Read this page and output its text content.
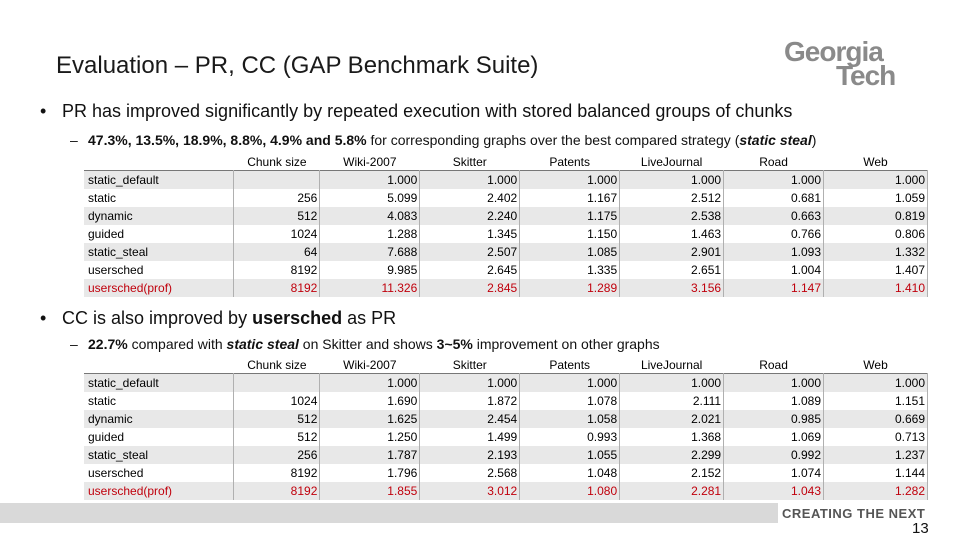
Evaluation – PR, CC (GAP Benchmark Suite)	Georgia
Tech
• PR has improved significantly by repeated execution with stored balanced groups of chunks
– 47.3%, 13.5%, 18.9%, 8.8%, 4.9% and 5.8% for corresponding graphs over the best compared strategy (static steal)
	Chunk size	Wiki-2007	Skitter	Patents	LiveJournal	Road	Web
static_default		1.000	1.000	1.000	1.000	1.000	1.000
static	256	5.099	2.402	1.167	2.512	0.681	1.059
dynamic	512	4.083	2.240	1.175	2.538	0.663	0.819
guided	1024	1.288	1.345	1.150	1.463	0.766	0.806
static_steal	64	7.688	2.507	1.085	2.901	1.093	1.332
usersched	8192	9.985	2.645	1.335	2.651	1.004	1.407
usersched(prof)	8192	11.326	2.845	1.289	3.156	1.147	1.410
• CC is also improved by usersched as PR
– 22.7% compared with static steal on Skitter and shows 3~5% improvement on other graphs
	Chunk size	Wiki-2007	Skitter	Patents	LiveJournal	Road	Web
static_default		1.000	1.000	1.000	1.000	1.000	1.000
static	1024	1.690	1.872	1.078	2.111	1.089	1.151
dynamic	512	1.625	2.454	1.058	2.021	0.985	0.669
guided	512	1.250	1.499	0.993	1.368	1.069	0.713
static_steal	256	1.787	2.193	1.055	2.299	0.992	1.237
usersched	8192	1.796	2.568	1.048	2.152	1.074	1.144
usersched(prof)	8192	1.855	3.012	1.080	2.281	1.043	1.282
CREATING THE NEXT
13
